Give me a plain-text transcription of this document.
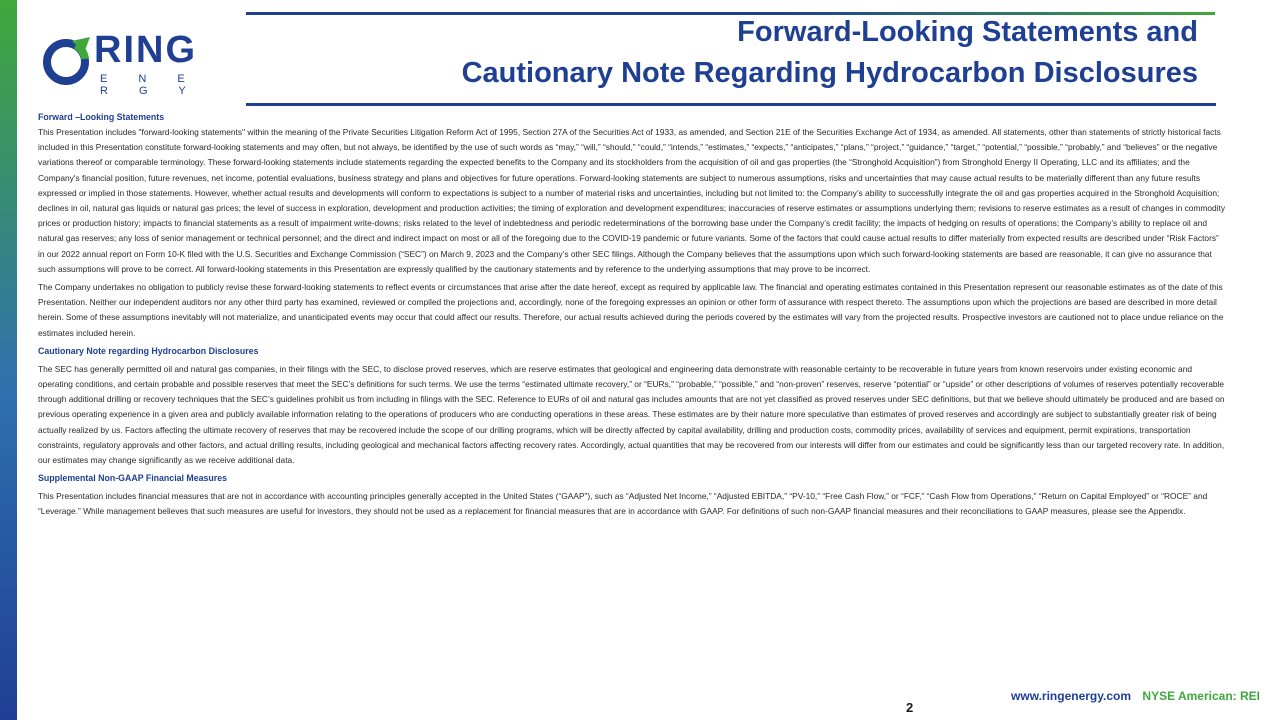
RING
E N E R G Y
Forward-Looking Statements and
Cautionary Note Regarding Hydrocarbon Disclosures
Forward –Looking Statements

This Presentation includes "forward-looking statements" within the meaning of the Private Securities Litigation Reform Act of 1995, Section 27A of the Securities Act of 1933, as amended, and Section 21E of the Securities Exchange Act of 1934, as amended. All statements, other than statements of strictly historical facts included in this Presentation constitute forward-looking statements and may often, but not always, be identified by the use of such words as “may,” “will,” “should,” “could,” “intends,” “estimates,” “expects,” “anticipates,” “plans,” “project,” “guidance,” “target,” “potential,” “possible,” “probably,” and “believes” or the negative variations thereof or comparable terminology. These forward-looking statements include statements regarding the expected benefits to the Company and its stockholders from the acquisition of oil and gas properties (the “Stronghold Acquisition”) from Stronghold Energy II Operating, LLC and its affiliates; and the Company's financial position, future revenues, net income, potential evaluations, business strategy and plans and objectives for future operations. Forward-looking statements are subject to numerous assumptions, risks and uncertainties that may cause actual results to be materially different than any future results expressed or implied in those statements. However, whether actual results and developments will conform to expectations is subject to a number of material risks and uncertainties, including but not limited to: the Company’s ability to successfully integrate the oil and gas properties acquired in the Stronghold Acquisition; declines in oil, natural gas liquids or natural gas prices; the level of success in exploration, development and production activities; the timing of exploration and development expenditures; inaccuracies of reserve estimates or assumptions underlying them; revisions to reserve estimates as a result of changes in commodity prices or production history; impacts to financial statements as a result of impairment write-downs; risks related to the level of indebtedness and periodic redeterminations of the borrowing base under the Company’s credit facility; the impacts of hedging on results of operations; the Company’s ability to replace oil and natural gas reserves; any loss of senior management or technical personnel; and the direct and indirect impact on most or all of the foregoing due to the COVID-19 pandemic or future variants. Some of the factors that could cause actual results to differ materially from expected results are described under “Risk Factors” in our 2022 annual report on Form 10-K filed with the U.S. Securities and Exchange Commission (“SEC”) on March 9, 2023 and the Company’s other SEC filings. Although the Company believes that the assumptions upon which such forward-looking statements are based are reasonable, it can give no assurance that such assumptions will prove to be correct. All forward-looking statements in this Presentation are expressly qualified by the cautionary statements and by reference to the underlying assumptions that may prove to be incorrect.

The Company undertakes no obligation to publicly revise these forward-looking statements to reflect events or circumstances that arise after the date hereof, except as required by applicable law. The financial and operating estimates contained in this Presentation represent our reasonable estimates as of the date of this Presentation. Neither our independent auditors nor any other third party has examined, reviewed or compiled the projections and, accordingly, none of the foregoing expresses an opinion or other form of assurance with respect thereto. The assumptions upon which the projections are based are described in more detail herein. Some of these assumptions inevitably will not materialize, and unanticipated events may occur that could affect our results. Therefore, our actual results achieved during the periods covered by the estimates will vary from the projected results. Prospective investors are cautioned not to place undue reliance on the estimates included herein.

Cautionary Note regarding Hydrocarbon Disclosures

The SEC has generally permitted oil and natural gas companies, in their filings with the SEC, to disclose proved reserves, which are reserve estimates that geological and engineering data demonstrate with reasonable certainty to be recoverable in future years from known reservoirs under existing economic and operating conditions, and certain probable and possible reserves that meet the SEC’s definitions for such terms. We use the terms “estimated ultimate recovery,” or “EURs,” “probable,” “possible,” and “non-proven” reserves, reserve “potential” or “upside” or other descriptions of volumes of reserves potentially recoverable through additional drilling or recovery techniques that the SEC’s guidelines prohibit us from including in filings with the SEC. Reference to EURs of oil and natural gas includes amounts that are not yet classified as proved reserves under SEC definitions, but that we believe should ultimately be produced and are based on previous operating experience in a given area and publicly available information relating to the operations of producers who are conducting operations in these areas. These estimates are by their nature more speculative than estimates of proved reserves and accordingly are subject to substantially greater risk of being actually realized by us. Factors affecting the ultimate recovery of reserves that may be recovered include the scope of our drilling programs, which will be directly affected by capital availability, drilling and production costs, commodity prices, availability of services and equipment, permit expirations, transportation constraints, regulatory approvals and other factors, and actual drilling results, including geological and mechanical factors affecting recovery rates. Accordingly, actual quantities that may be recovered from our interests will differ from our estimates and could be significantly less than our targeted recovery rate. In addition, our estimates may change significantly as we receive additional data.

Supplemental Non-GAAP Financial Measures

This Presentation includes financial measures that are not in accordance with accounting principles generally accepted in the United States (“GAAP”), such as “Adjusted Net Income,” “Adjusted EBITDA,” “PV-10,” “Free Cash Flow,” or “FCF,” “Cash Flow from Operations,” “Return on Capital Employed” or “ROCE” and “Leverage.” While management believes that such measures are useful for investors, they should not be used as a replacement for financial measures that are in accordance with GAAP. For definitions of such non-GAAP financial measures and their reconciliations to GAAP measures, please see the Appendix.

2
www.ringenergy.com NYSE American: REI
